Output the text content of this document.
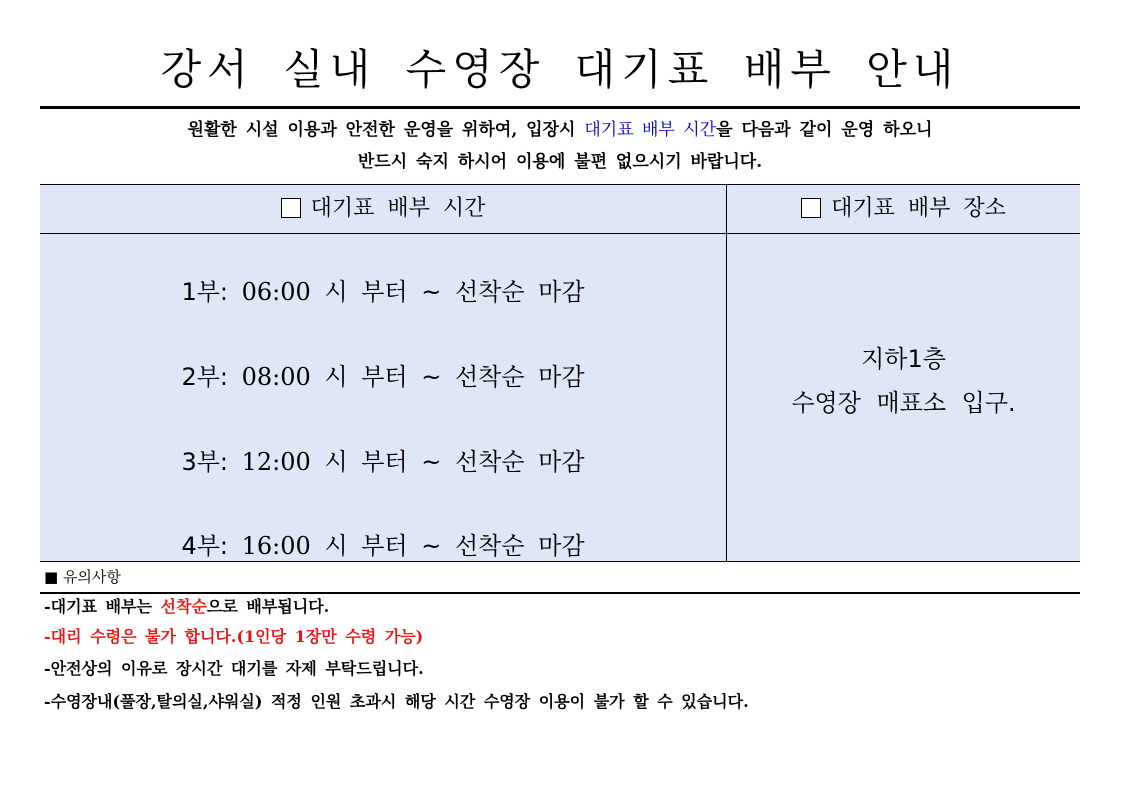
강서 실내 수영장 대기표 배부 안내
원활한 시설 이용과 안전한 운영을 위하여, 입장시 대기표 배부 시간을 다음과 같이 운영 하오니
반드시 숙지 하시어 이용에 불편 없으시기 바랍니다.
대기표 배부 시간	대기표 배부 장소
1부: 06:00 시 부터 ~ 선착순 마감
2부: 08:00 시 부터 ~ 선착순 마감
3부: 12:00 시 부터 ~ 선착순 마감
4부: 16:00 시 부터 ~ 선착순 마감
지하1층
수영장 매표소 입구.
■ 유의사항
-대기표 배부는 선착순으로 배부됩니다.
-대리 수령은 불가 합니다.(1인당 1장만 수령 가능)
-안전상의 이유로 장시간 대기를 자제 부탁드립니다.
-수영장내(풀장,탈의실,샤워실) 적정 인원 초과시 해당 시간 수영장 이용이 불가 할 수 있습니다.
